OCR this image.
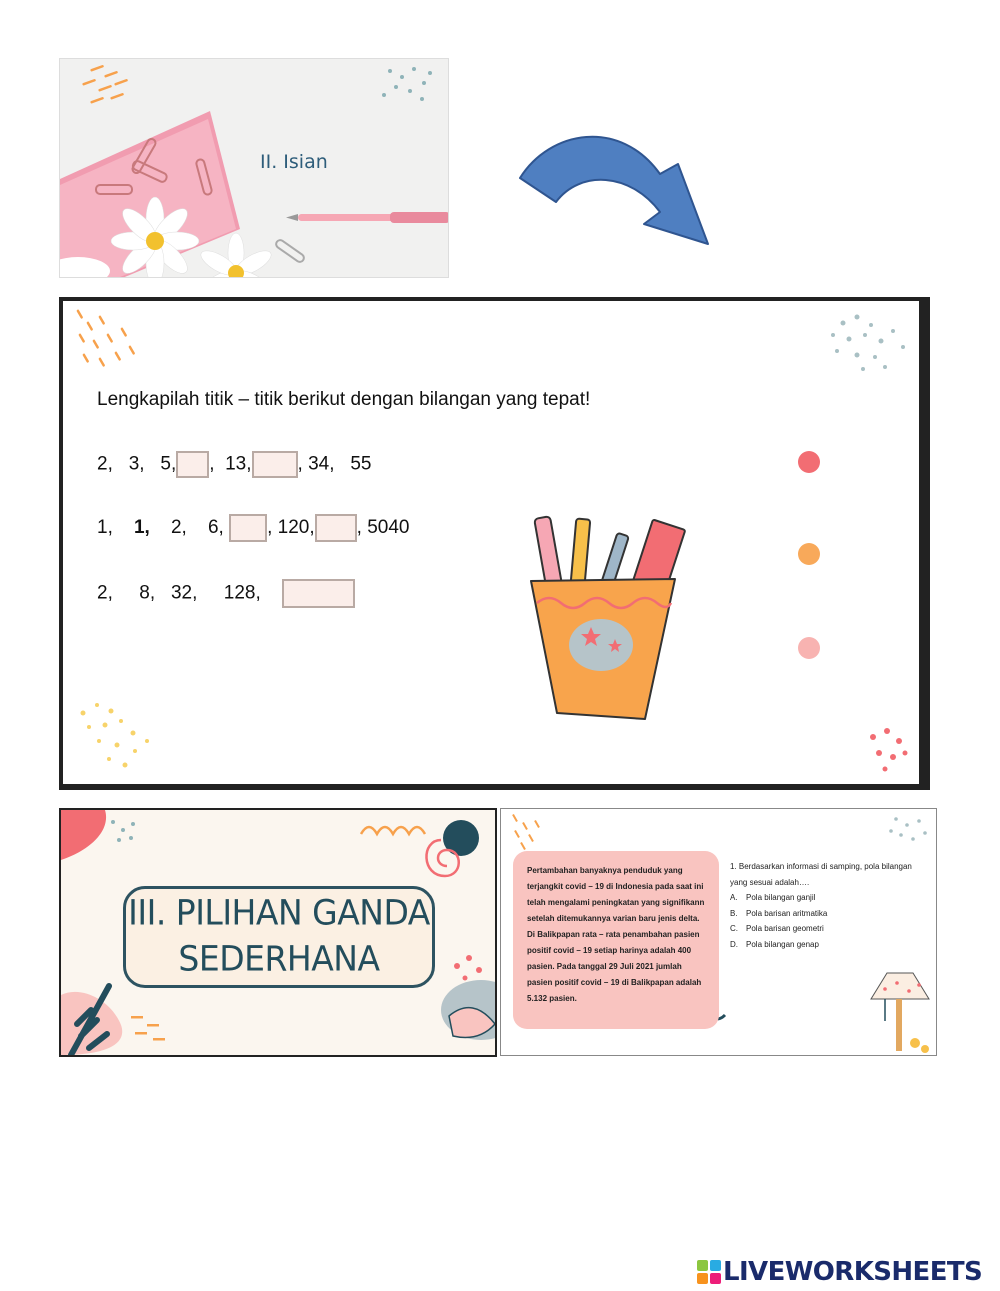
II. Isian
Lengkapilah titik – titik berikut dengan bilangan yang tepat!
2, 3, 5, , 13, , 34, 55
1, 1, 2, 6, , 120, , 5040
2, 8, 32, 128,
III. PILIHAN GANDA
SEDERHANA

Pertambahan banyaknya penduduk yang terjangkit covid – 19 di Indonesia pada saat ini telah mengalami peningkatan yang signifikann setelah ditemukannya varian baru jenis delta.

Di Balikpapan rata – rata penambahan pasien positif covid – 19 setiap harinya adalah 400 pasien. Pada tanggal 29 Juli 2021 jumlah pasien positif covid – 19 di Balikpapan adalah 5.132 pasien.

1. Berdasarkan informasi di samping, pola bilangan yang sesuai adalah….
A. Pola bilangan ganjil
B. Pola barisan aritmatika
C. Pola barisan geometri
D. Pola bilangan genap
LIVEWORKSHEETS
